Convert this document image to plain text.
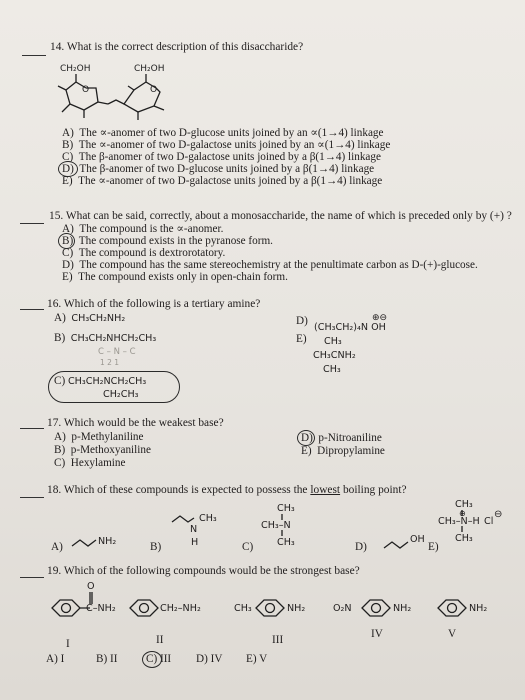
14. What is the correct description of this disaccharide?
CH₂OH	CH₂OH
O	O
A) The ∝-anomer of two D-glucose units joined by an ∝(1→4) linkage
B) The ∝-anomer of two D-galactose units joined by an ∝(1→4) linkage
C) The β-anomer of two D-galactose units joined by a β(1→4) linkage
D) The β-anomer of two D-glucose units joined by a β(1→4) linkage
E) The ∝-anomer of two D-galactose units joined by a β(1→4) linkage
15. What can be said, correctly, about a monosaccharide, the name of which is preceded only by (+) ?
A) The compound is the ∝-anomer.
B) The compound exists in the pyranose form.
C) The compound is dextrorotatory.
D) The compound has the same stereochemistry at the penultimate carbon as D-(+)-glucose.
E) The compound exists only in open-chain form.
16. Which of the following is a tertiary amine?
A) CH₃CH₂NH₂
B) CH₃CH₂NHCH₂CH₃
C – N – C
1 2 1
C) CH₃CH₂NCH₂CH₃
CH₂CH₃
D)
(CH₃CH₂)₄N OH
⊕⊖
E) CH₃
CH₃CNH₂
CH₃
17. Which would be the weakest base?
A) p-Methylaniline
B) p-Methoxyaniline
C) Hexylamine
D) p-Nitroaniline
E) Dipropylamine
18. Which of these compounds is expected to possess the lowest boiling point?
A)	NH₂	B)
CH₃
N
H	C)
CH₃
CH₃–N
CH₃	D)
OH
E)
CH₃
⊕
CH₃–N–H Cl
⊖
CH₃
19. Which of the following compounds would be the strongest base?
O
C–NH₂	CH₂–NH₂	CH₃	NH₂	O₂N	NH₂	NH₂
I	II	III	IV	V
A) I	B) II	C) III D) IV E) V
